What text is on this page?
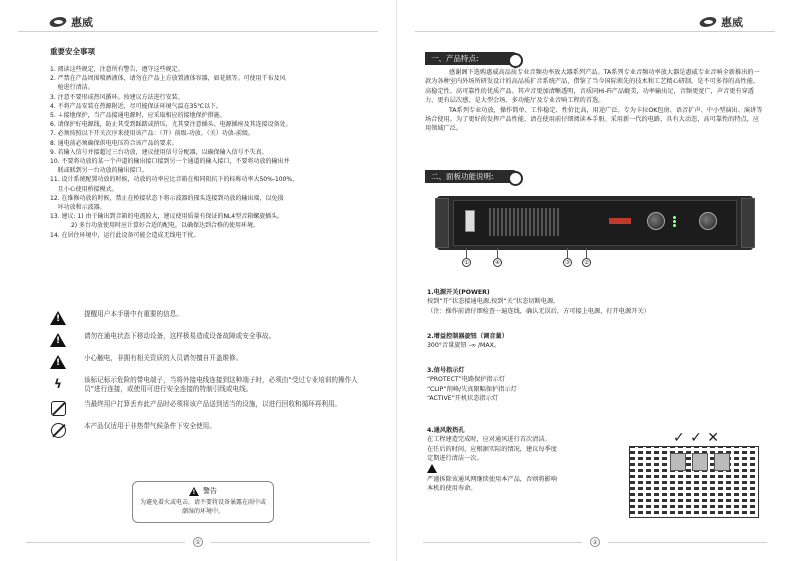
惠威
重要安全事项
1. 阅读这些规定，注意所有警告，遵守这些规定。
2. 严禁在产品周围喷洒液体，请勿在产品上方放置液体容器，如花瓶等。可使用干布及风
枪进行清洁。
3. 注意不要形成热风循环。按建议方法进行安装。
4. 不将产品安装在热源附近，尽可能保证环境气温在35℃以下。
5. ⏚接地保护，当产品接通电源时，应采取相应的接地保护措施。
6. 请保护好电源线，防止其受到踩踏或挤压，尤其要注意插头、电源插座及其连接设备处。
7. 必须按照以下开关次序来使用该产品：（开）前级-功放、（关）功放-前级。
8. 通电前必须确保供电电压符合该产品的要求。
9. 若输入信号并接超过三台功放，建议使用信号分配器，以确保输入信号不失真。
10. 不要将功放的某一个声道的输出接口接到另一个通道的输入接口，不要将功放的输出并
联或联到另一台功放的输出接口。
11. 设计系统配置功放的时候，功放的功率应比音箱在相同阻抗下的标称功率大50%-100%，
且小心使用桥接模式。
12. 在维修功放的时候，禁止在桥接状态下将示波器的探头连接到功放的输出端，以免损
坏功放和示波器。
13. 建议: 1) 由于输出到音箱的电流较大，建议使用质量有保证的NL4型音箱螺旋插头。
2) 多台功放使用时应计算好合适的配电，以确保达到合格的使用环境。
14. 在居住环境中，运行此设备可能会造成无线电干扰。
!
提醒用户本手册中有重要的信息。
!
请勿在通电状态下移动设备，这样极易造成设备故障或安全事故。
!
小心触电，非拥有相关资质的人员请勿擅自开盖维修。
ϟ	该标记标示危险的带电端子，当将外接电线连接到这种端子时，必须由“受过专业培训的操作人员”进行连接，或使用可进行安全连接的特制引线或电线。
当最终用户打算丢弃此产品时必须将该产品送到适当的设施，以进行回收和循环再利用。
本产品仅适用于非热带气候条件下安全使用。
!
警告
为避免着火或电击，请不要将设备暴露在雨中或潮湿的环境中。
①
惠威
一、产品特点:

感谢阁下选购惠威高品质专业音频功率放大器系列产品。TA系列专业音频功率放大器是惠威专业音响全新推出的一款为各种室内外场所研发设计的高品质扩音系统产品，借鉴了当今国际领先的技术和工艺精心研制，是不可多得的高性能、高稳定性、高可靠性的优质产品。其声音更加清晰透明，音质同Hi-Fi产品媲美，功率输出足，音频更宽广，声音更有穿透力、更有层次感，是大型会场、多功能厅及专业音响工程的首选。

TA系列专业功放，操作简单、工作稳定、性价比高，用途广泛。专为卡拉OK包房、语音扩声、中小型演出、演讲等场合使用。为了更好的发挥产品性能，请在使用前仔细阅读本手册。采用新一代的电路，具有大动态，高可靠性的特点，应用领域广泛。

二、面板功能说明:
①	④	③	②
1.电源开关(POWER)
按到“开”状态接通电源,按到“关”状态切断电源。
（注：操作前请仔细检查一遍连线，确认无误后，方可接上电源，打开电源开关）
2.增益控制器旋钮（调音量）
300°音量旋钮 -∞ /MAX。
3.信号指示灯
“PROTECT”电路保护指示灯
“CLIP”削峰/失真限幅保护指示灯
“ACTIVE”开机状态指示灯
4.通风散热孔
在工程建造完成时，应对通风进行首次清洁。
在任后的时间，应根据实际的情况，建议每季度
定期进行清洁一次。
严谨拆除该通风网继续使用本产品，否则将影响
本机的使用寿命。
✓ ✓ ✕
②
